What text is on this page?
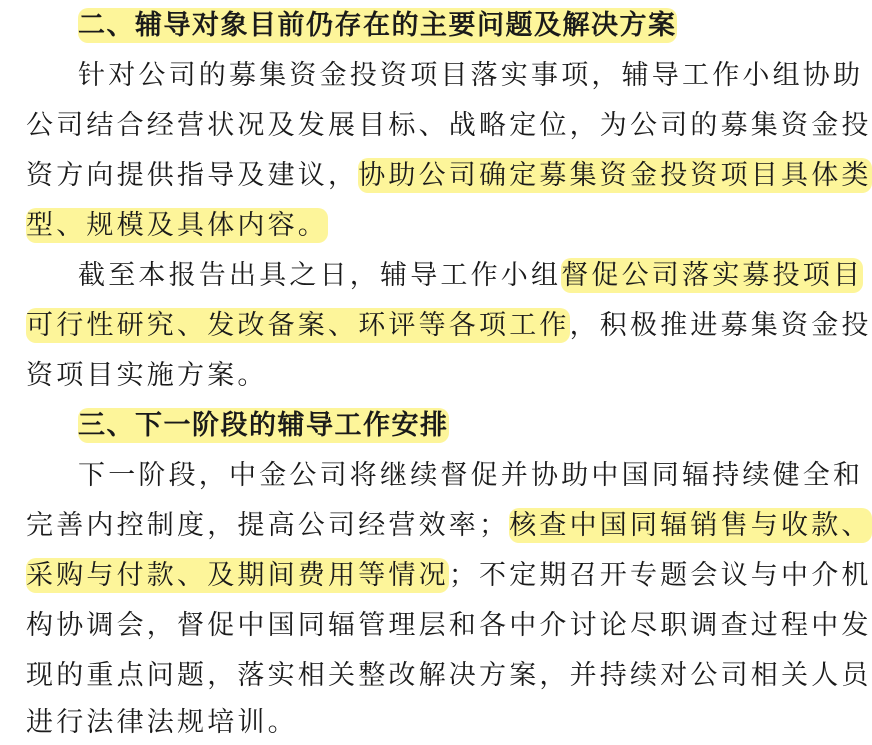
二、辅导对象目前仍存在的主要问题及解决方案
针对公司的募集资金投资项目落实事项，辅导工作小组协助
公司结合经营状况及发展目标、战略定位，为公司的募集资金投
资方向提供指导及建议，协助公司确定募集资金投资项目具体类
型、规模及具体内容。
截至本报告出具之日，辅导工作小组督促公司落实募投项目
可行性研究、发改备案、环评等各项工作，积极推进募集资金投
资项目实施方案。
三、下一阶段的辅导工作安排
下一阶段，中金公司将继续督促并协助中国同辐持续健全和
完善内控制度，提高公司经营效率；核查中国同辐销售与收款、
采购与付款、及期间费用等情况；不定期召开专题会议与中介机
构协调会，督促中国同辐管理层和各中介讨论尽职调查过程中发
现的重点问题，落实相关整改解决方案，并持续对公司相关人员
进行法律法规培训。
